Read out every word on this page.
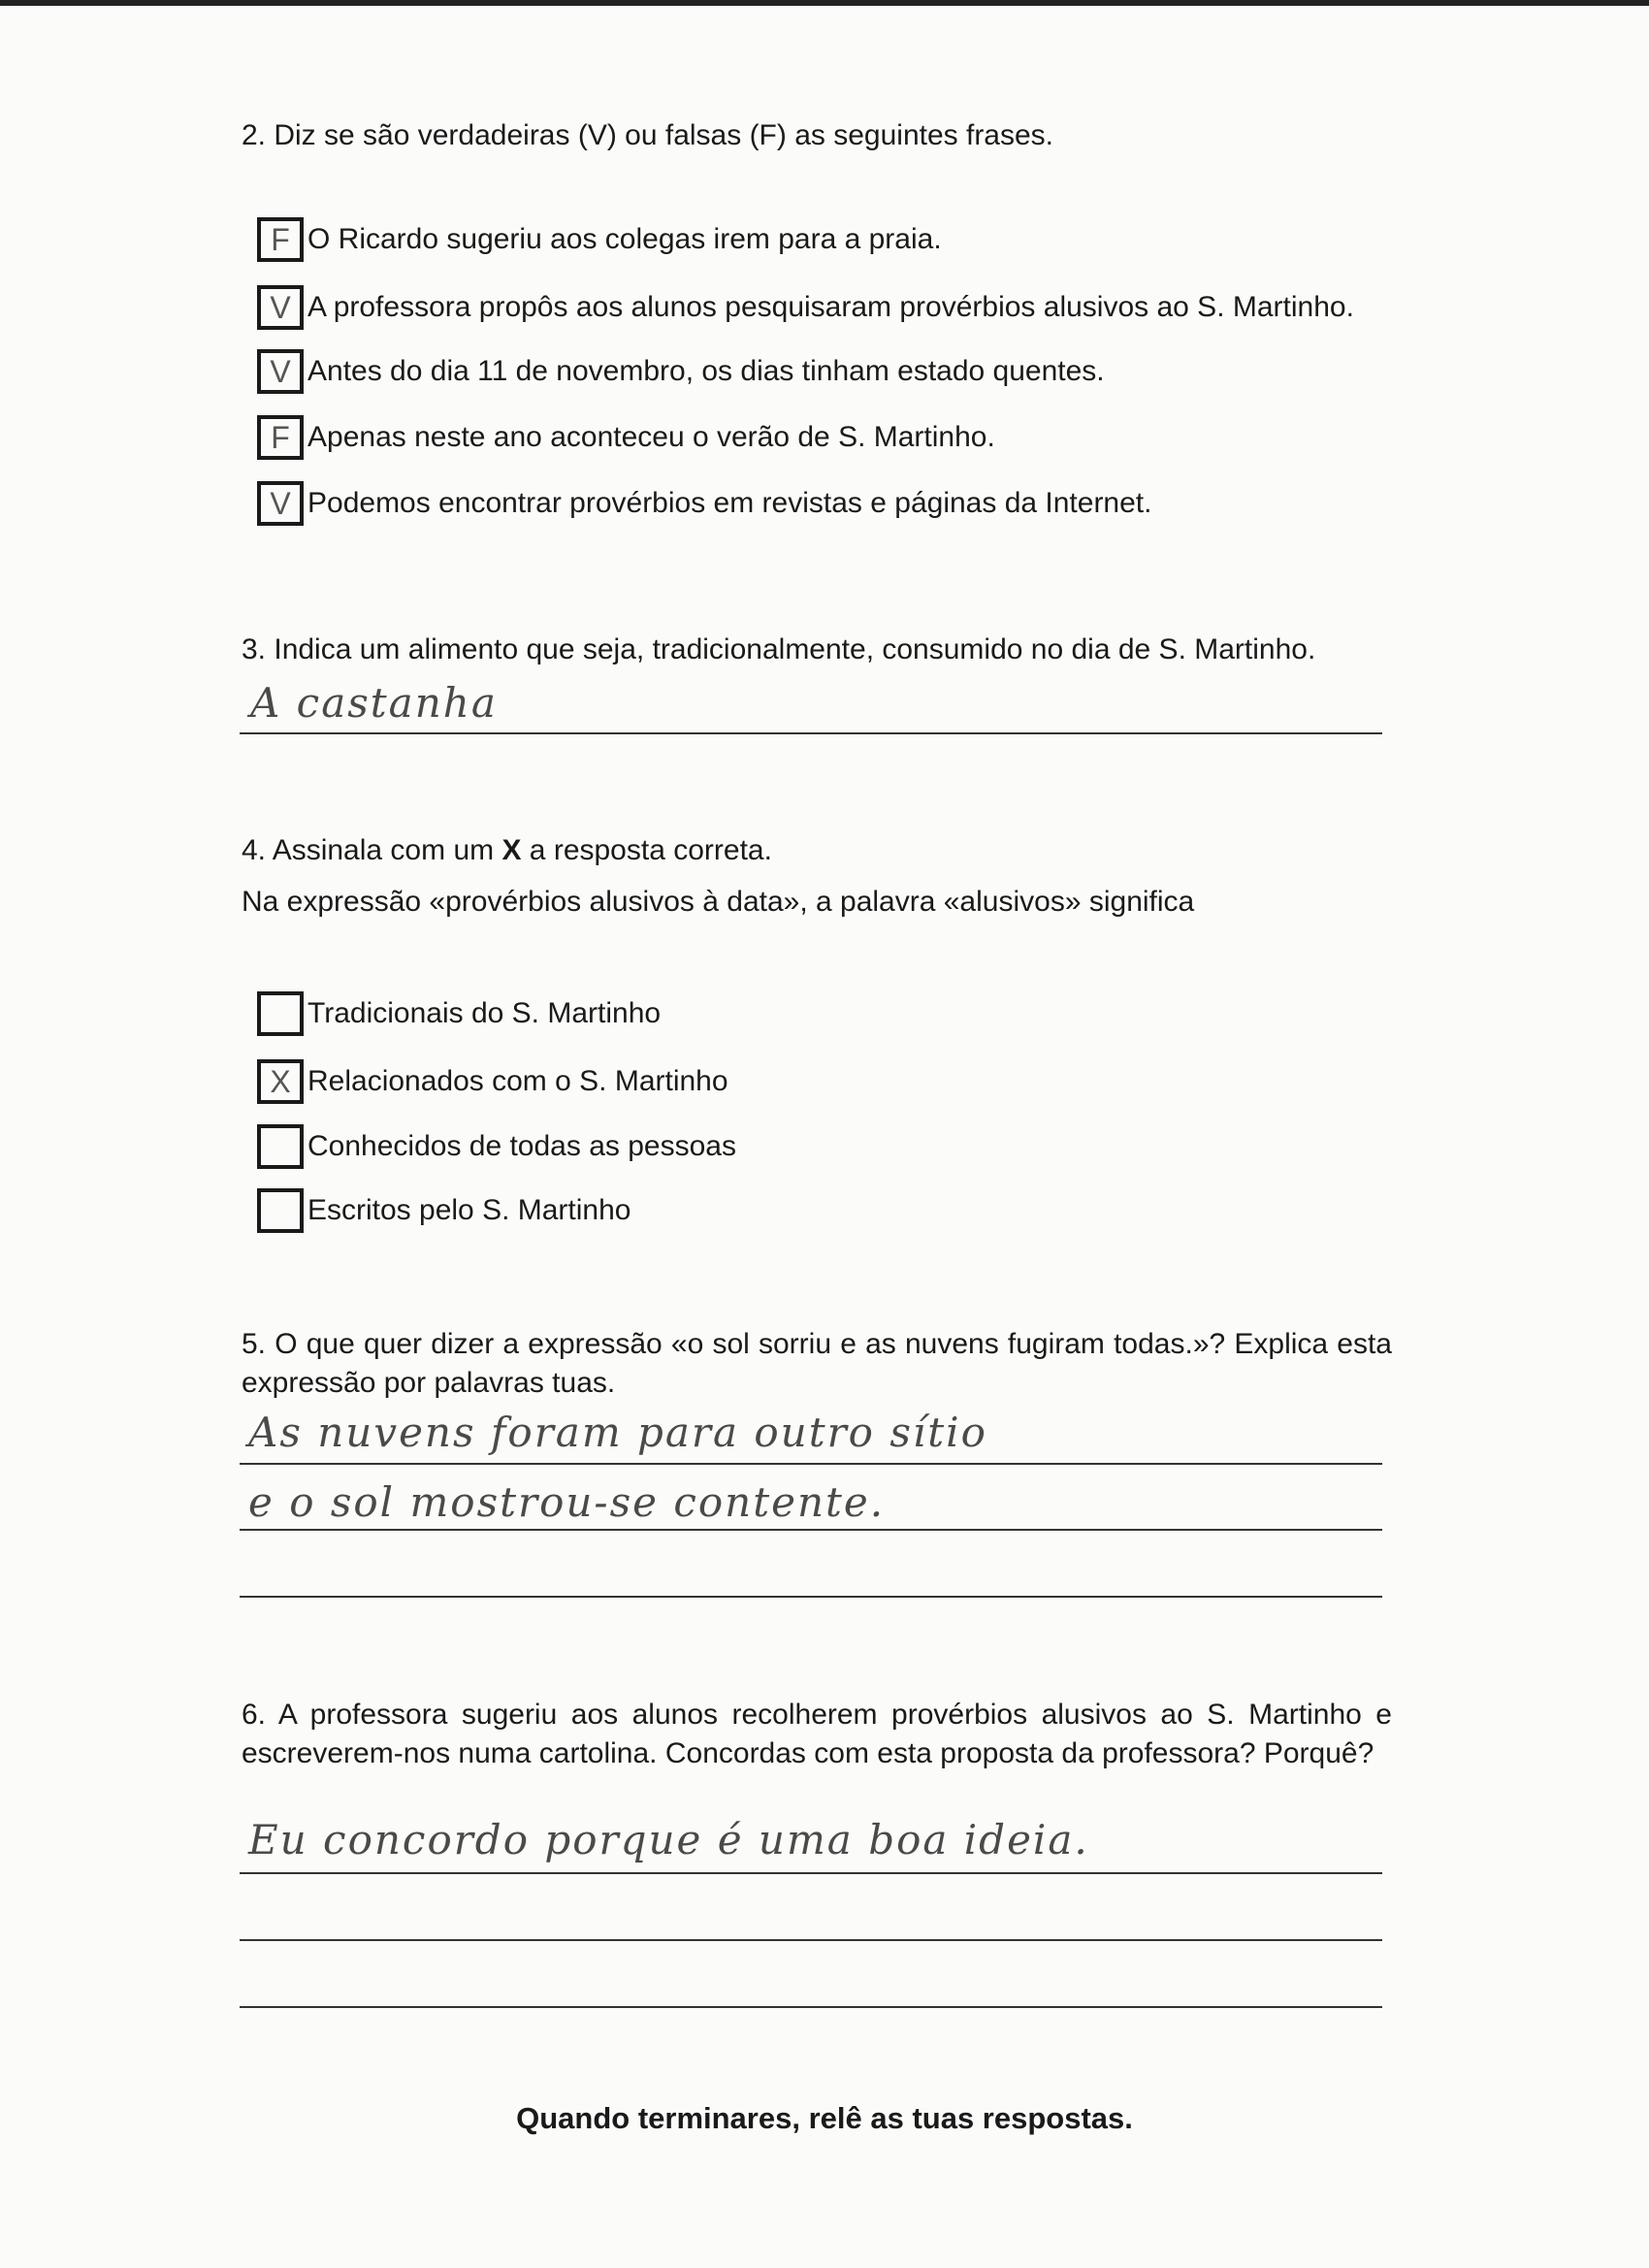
2. Diz se são verdadeiras (V) ou falsas (F) as seguintes frases.
F O Ricardo sugeriu aos colegas irem para a praia.
V A professora propôs aos alunos pesquisaram provérbios alusivos ao S. Martinho.
V Antes do dia 11 de novembro, os dias tinham estado quentes.
F Apenas neste ano aconteceu o verão de S. Martinho.
V Podemos encontrar provérbios em revistas e páginas da Internet.
3. Indica um alimento que seja, tradicionalmente, consumido no dia de S. Martinho.
A castanha
4. Assinala com um X a resposta correta.
Na expressão «provérbios alusivos à data», a palavra «alusivos» significa
Tradicionais do S. Martinho
X Relacionados com o S. Martinho
Conhecidos de todas as pessoas
Escritos pelo S. Martinho
5. O que quer dizer a expressão «o sol sorriu e as nuvens fugiram todas.»? Explica esta expressão por palavras tuas.
As nuvens foram para outro sítio
e o sol mostrou-se contente.
6. A professora sugeriu aos alunos recolherem provérbios alusivos ao S. Martinho e escreverem-nos numa cartolina. Concordas com esta proposta da professora? Porquê?
Eu concordo porque é uma boa ideia.
Quando terminares, relê as tuas respostas.
